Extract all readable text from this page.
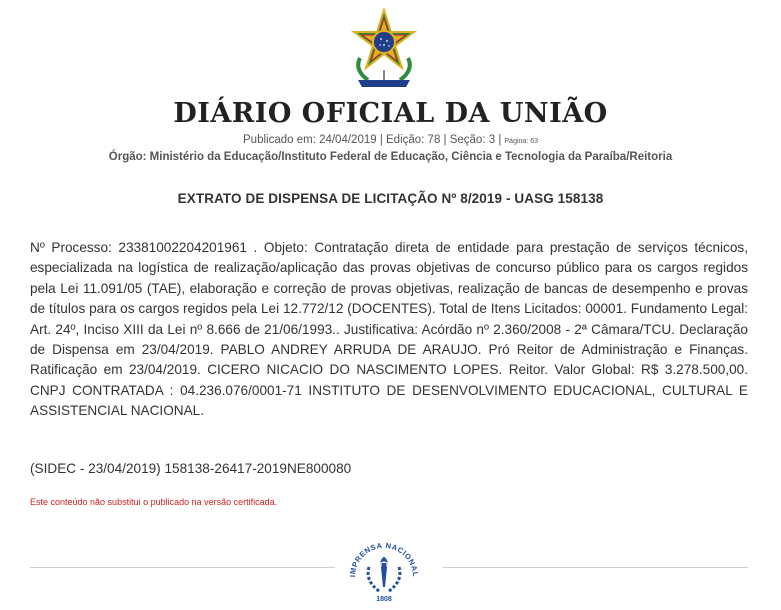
DIÁRIO OFICIAL DA UNIÃO
Publicado em: 24/04/2019 | Edição: 78 | Seção: 3 | Página: 63
Órgão: Ministério da Educação/Instituto Federal de Educação, Ciência e Tecnologia da Paraíba/Reitoria
EXTRATO DE DISPENSA DE LICITAÇÃO Nº 8/2019 - UASG 158138

Nº Processo: 23381002204201961 . Objeto: Contratação direta de entidade para prestação de serviços técnicos, especializada na logística de realização/aplicação das provas objetivas de concurso público para os cargos regidos pela Lei 11.091/05 (TAE), elaboração e correção de provas objetivas, realização de bancas de desempenho e provas de títulos para os cargos regidos pela Lei 12.772/12 (DOCENTES). Total de Itens Licitados: 00001. Fundamento Legal: Art. 24º, Inciso XIII da Lei nº 8.666 de 21/06/1993.. Justificativa: Acórdão nº 2.360/2008 - 2ª Câmara/TCU. Declaração de Dispensa em 23/04/2019. PABLO ANDREY ARRUDA DE ARAUJO. Pró Reitor de Administração e Finanças. Ratificação em 23/04/2019. CICERO NICACIO DO NASCIMENTO LOPES. Reitor. Valor Global: R$ 3.278.500,00. CNPJ CONTRATADA : 04.236.076/0001-71 INSTITUTO DE DESENVOLVIMENTO EDUCACIONAL, CULTURAL E ASSISTENCIAL NACIONAL.

(SIDEC - 23/04/2019) 158138-26417-2019NE800080

Este conteúdo não substitui o publicado na versão certificada.

IMPRENSA NACIONAL
1808
